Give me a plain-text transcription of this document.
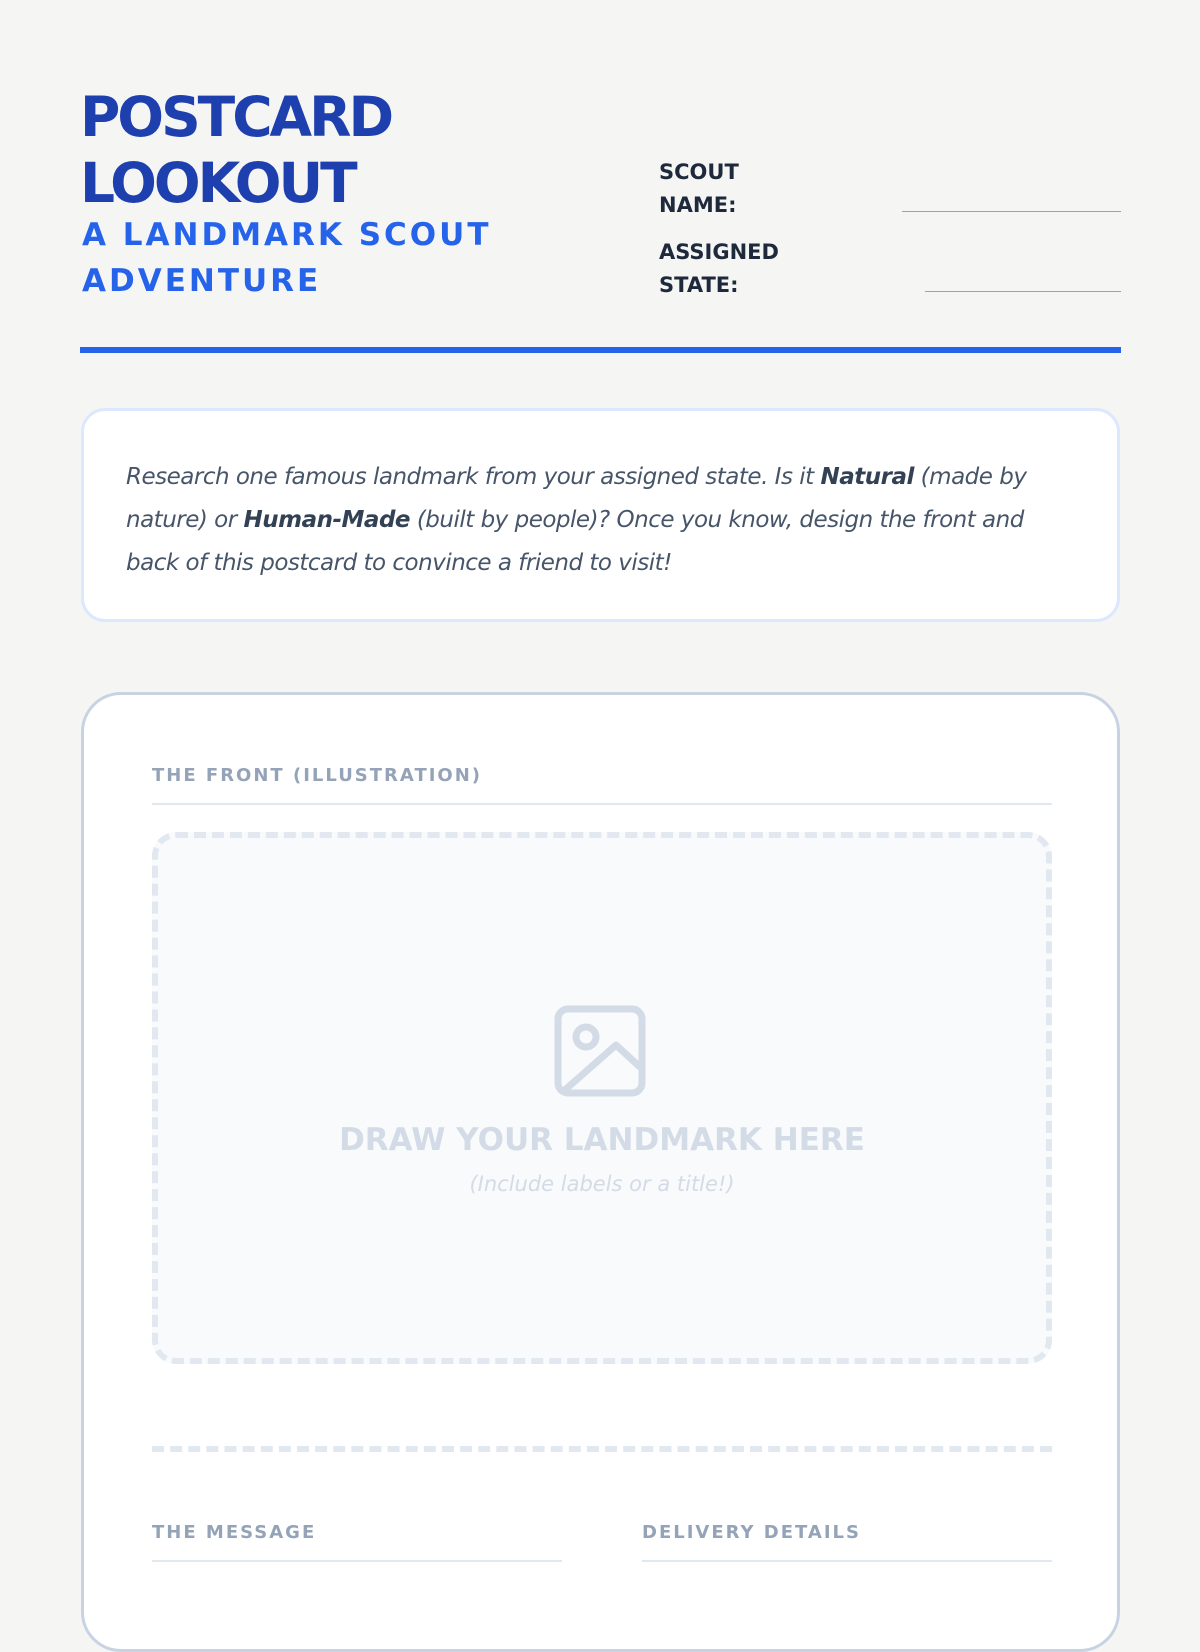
POSTCARD
LOOKOUT
A LANDMARK SCOUT
ADVENTURE
SCOUT
NAME:
ASSIGNED
STATE:

Research one famous landmark from your assigned state. Is it Natural (made by nature) or Human-Made (built by people)? Once you know, design the front and back of this postcard to convince a friend to visit!

THE FRONT (ILLUSTRATION)
DRAW YOUR LANDMARK HERE
(Include labels or a title!)
THE MESSAGE	DELIVERY DETAILS
